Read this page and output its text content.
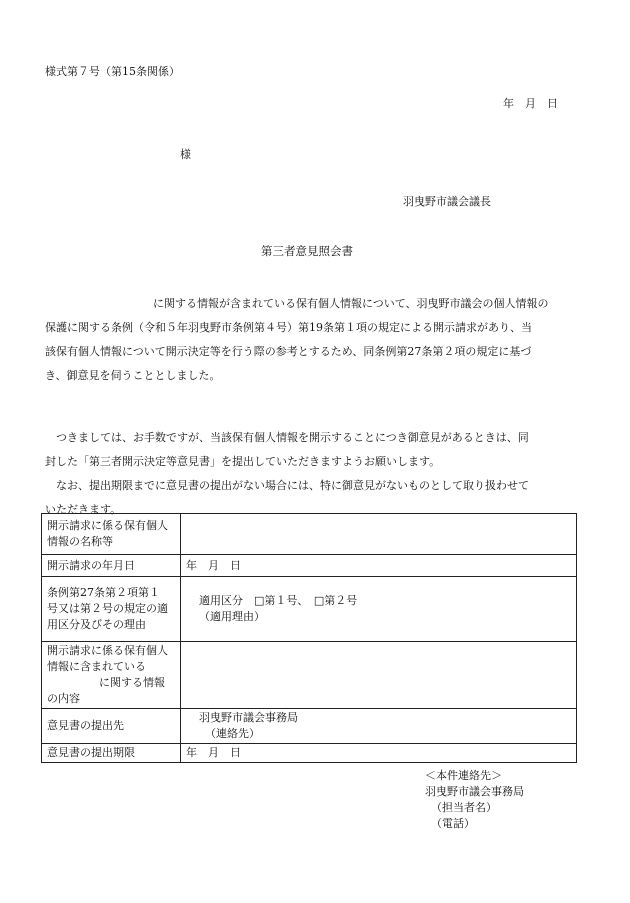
様式第７号（第15条関係）
年　月　日
様
羽曳野市議会議長
第三者意見照会書

に関する情報が含まれている保有個人情報について、羽曳野市議会の個人情報の

保護に関する条例（令和５年羽曳野市条例第４号）第19条第１項の規定による開示請求があり、当

該保有個人情報について開示決定等を行う際の参考とするため、同条例第27条第２項の規定に基づ

き、御意見を伺うこととしました。

つきましては、お手数ですが、当該保有個人情報を開示することにつき御意見があるときは、同

封した「第三者開示決定等意見書」を提出していただきますようお願いします。

なお、提出期限までに意見書の提出がない場合には、特に御意見がないものとして取り扱わせて

いただきます。

開示請求に係る保有個人
情報の名称等	

開示請求の年月日	年　月　日

条例第27条第２項第１
号又は第２号の規定の適
用区分及びその理由	適用区分　□第１号、　□第２号
（適用理由）

開示請求に係る保有個人
情報に含まれている
に関する情報
の内容	

意見書の提出先	羽曳野市議会事務局
（連絡先）

意見書の提出期限	年　月　日
＜本件連絡先＞
羽曳野市議会事務局
（担当者名）
（電話）
